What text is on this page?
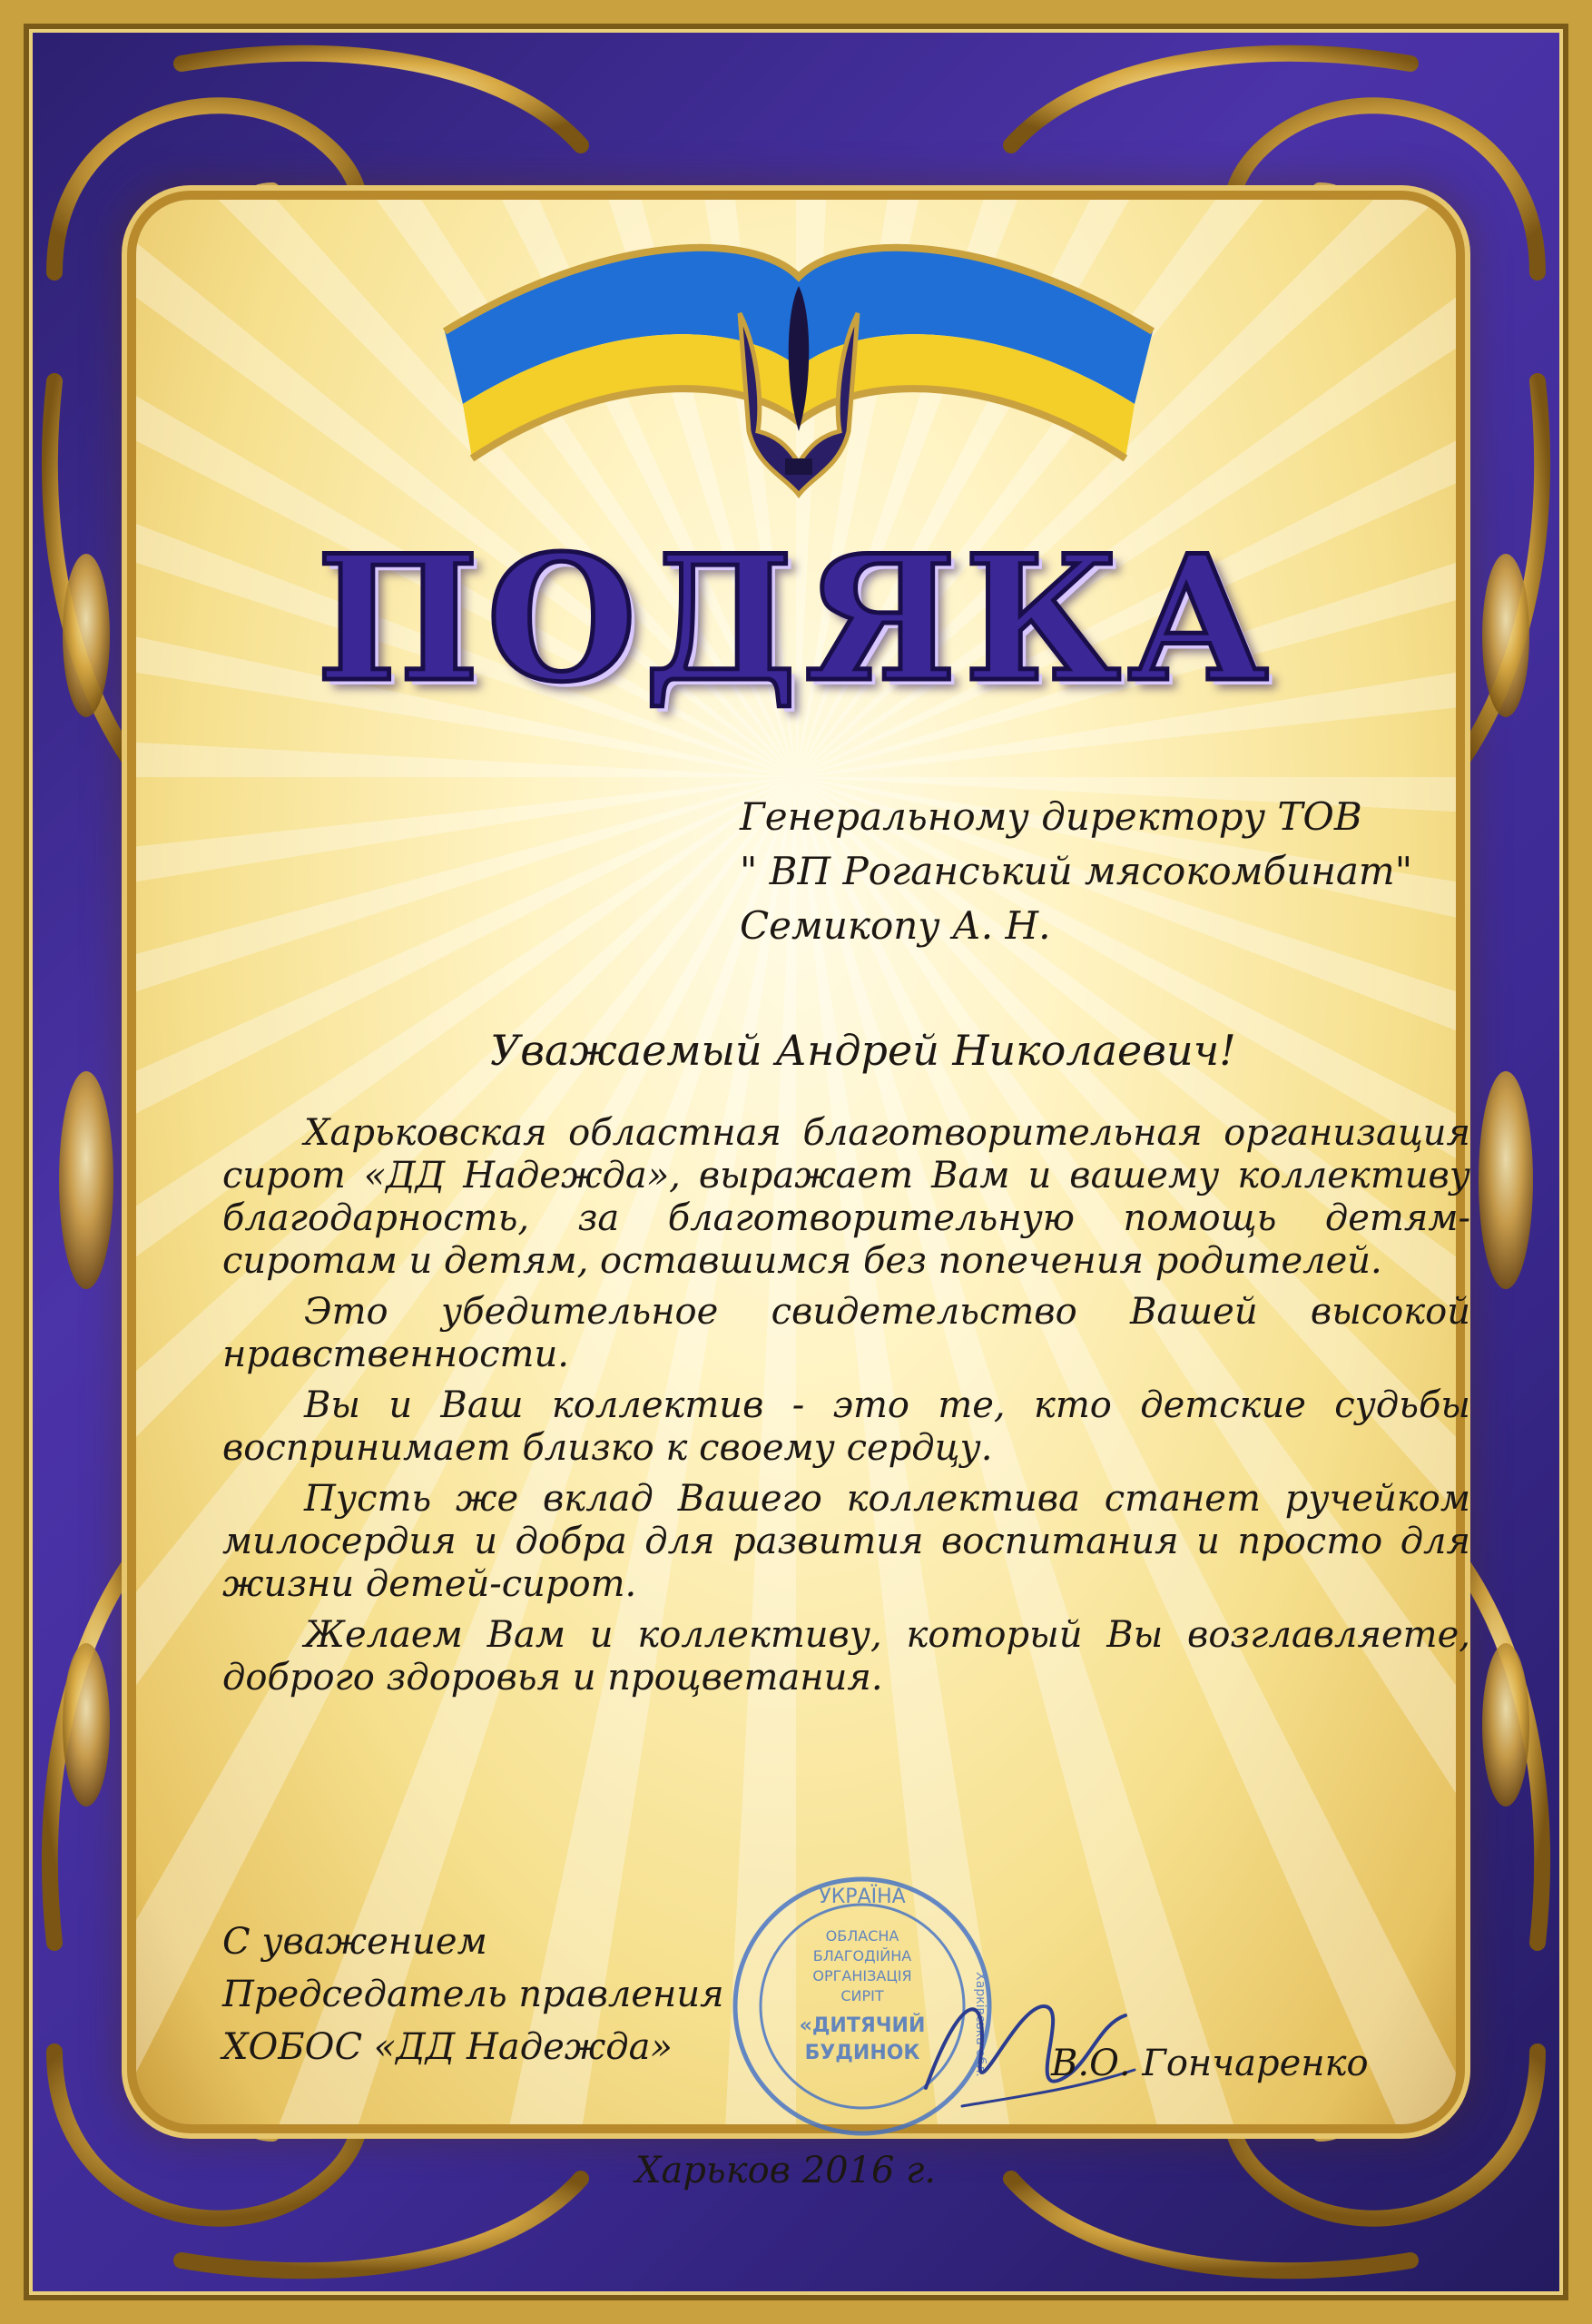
ПОДЯКА
Генеральному директору ТОВ
" ВП Роганський мясокомбинат"
Семикопу А. Н.
Уважаемый Андрей Николаевич!

Харьковская областная благотворительная организация сирот «ДД Надежда», выражает Вам и вашему коллективу благодарность, за благотворительную помощь детям-сиротам и детям, оставшимся без попечения родителей.

Это убедительное свидетельство Вашей высокой нравственности.

Вы и Ваш коллектив - это те, кто детские судьбы воспринимает близко к своему сердцу.

Пусть же вклад Вашего коллектива станет ручейком милосердия и добра для развития воспитания и просто для жизни детей-сирот.

Желаем Вам и коллективу, который Вы возглавляете, доброго здоровья и процветания.

С уважением
Председатель правления
ХОБОС «ДД Надежда»
УКРАЇНА
ОБЛАСНА
БЛАГОДІЙНА
ОРГАНІЗАЦІЯ
СИРІТ
«ДИТЯЧИЙ
БУДИНОК	Харківська обл. В.О. Гончаренко
Харьков 2016 г.
